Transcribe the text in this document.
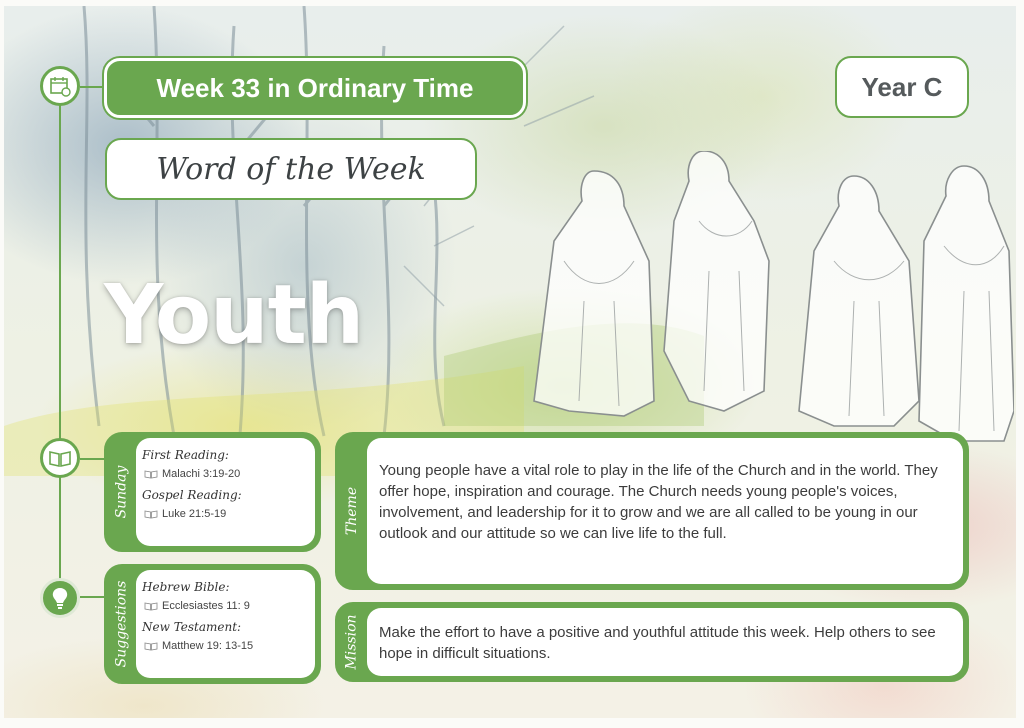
Week 33 in Ordinary Time	Year C
Word of the Week
Youth
Sunday

First Reading:

Malachi 3:19-20

Gospel Reading:

Luke 21:5-19
Suggestions Hebrew Bible:

Ecclesiastes 11: 9

New Testament:

Matthew 19: 13-15
Theme
Young people have a vital role to play in the life of the Church and in the world. They offer hope, inspiration and courage. The Church needs young people's voices, involvement, and leadership for it to grow and we are all called to be young in our outlook and our attitude so we can live life to the full.
Mission Make the effort to have a positive and youthful attitude this week. Help others to see hope in difficult situations.
